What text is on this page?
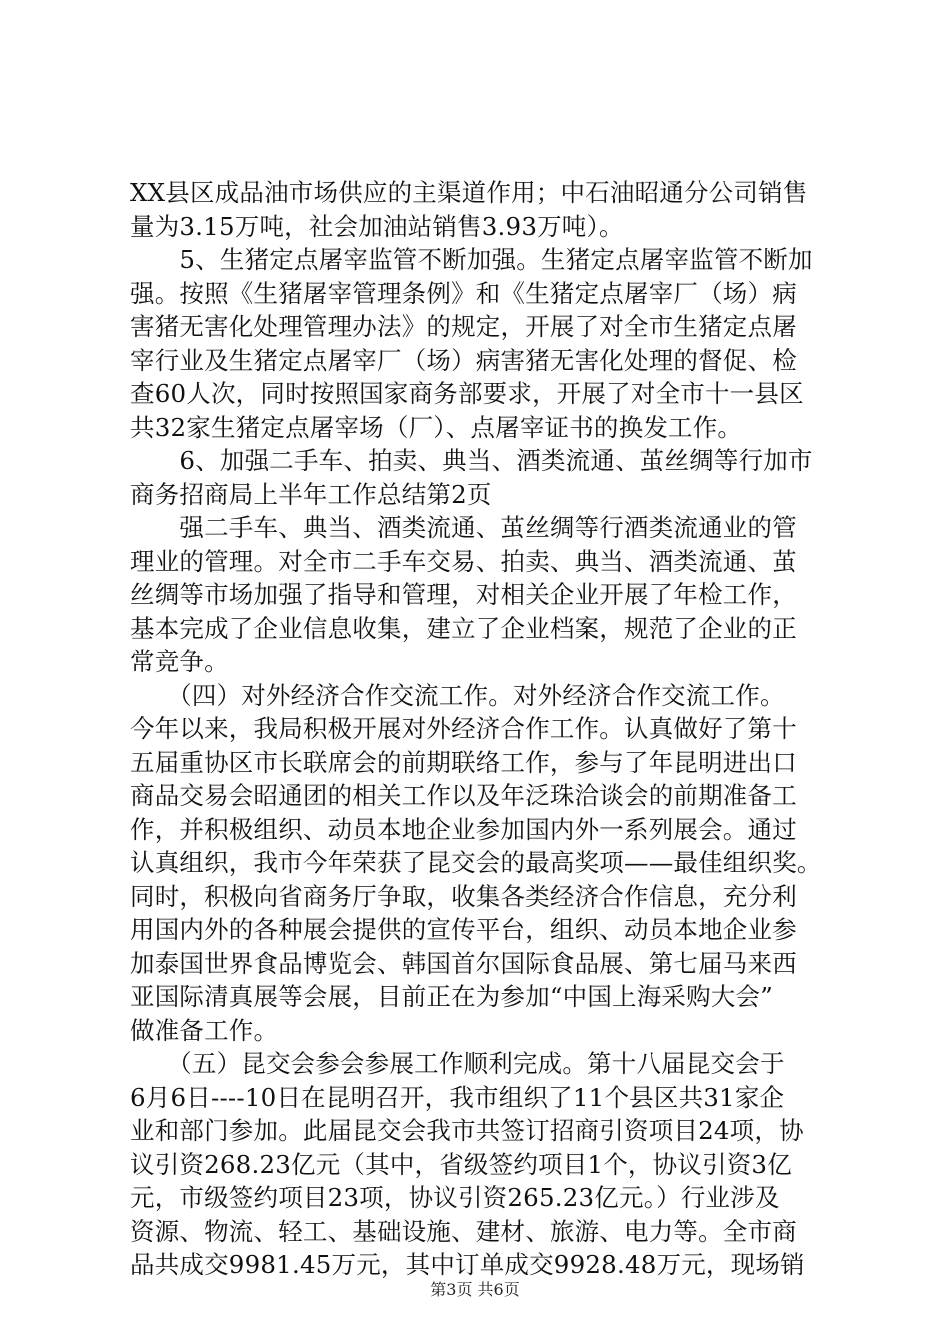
XX县区成品油市场供应的主渠道作用；中石油昭通分公司销售
量为3.15万吨，社会加油站销售3.93万吨）。
　　5、生猪定点屠宰监管不断加强。生猪定点屠宰监管不断加
强。按照《生猪屠宰管理条例》和《生猪定点屠宰厂（场）病
害猪无害化处理管理办法》的规定，开展了对全市生猪定点屠
宰行业及生猪定点屠宰厂（场）病害猪无害化处理的督促、检
查60人次，同时按照国家商务部要求，开展了对全市十一县区
共32家生猪定点屠宰场（厂）、点屠宰证书的换发工作。
　　6、加强二手车、拍卖、典当、酒类流通、茧丝绸等行加市
商务招商局上半年工作总结第2页
　　强二手车、典当、酒类流通、茧丝绸等行酒类流通业的管
理业的管理。对全市二手车交易、拍卖、典当、酒类流通、茧
丝绸等市场加强了指导和管理，对相关企业开展了年检工作，
基本完成了企业信息收集，建立了企业档案，规范了企业的正
常竞争。
　　（四）对外经济合作交流工作。对外经济合作交流工作。
今年以来，我局积极开展对外经济合作工作。认真做好了第十
五届重协区市长联席会的前期联络工作，参与了年昆明进出口
商品交易会昭通团的相关工作以及年泛珠洽谈会的前期准备工
作，并积极组织、动员本地企业参加国内外一系列展会。通过
认真组织，我市今年荣获了昆交会的最高奖项——最佳组织奖。
同时，积极向省商务厅争取，收集各类经济合作信息，充分利
用国内外的各种展会提供的宣传平台，组织、动员本地企业参
加泰国世界食品博览会、韩国首尔国际食品展、第七届马来西
亚国际清真展等会展，目前正在为参加“中国上海采购大会”
做准备工作。
　　（五）昆交会参会参展工作顺利完成。第十八届昆交会于
6月6日----10日在昆明召开，我市组织了11个县区共31家企
业和部门参加。此届昆交会我市共签订招商引资项目24项，协
议引资268.23亿元（其中，省级签约项目1个，协议引资3亿
元，市级签约项目23项，协议引资265.23亿元。）行业涉及
资源、物流、轻工、基础设施、建材、旅游、电力等。全市商
品共成交9981.45万元，其中订单成交9928.48万元，现场销
第3页 共6页
